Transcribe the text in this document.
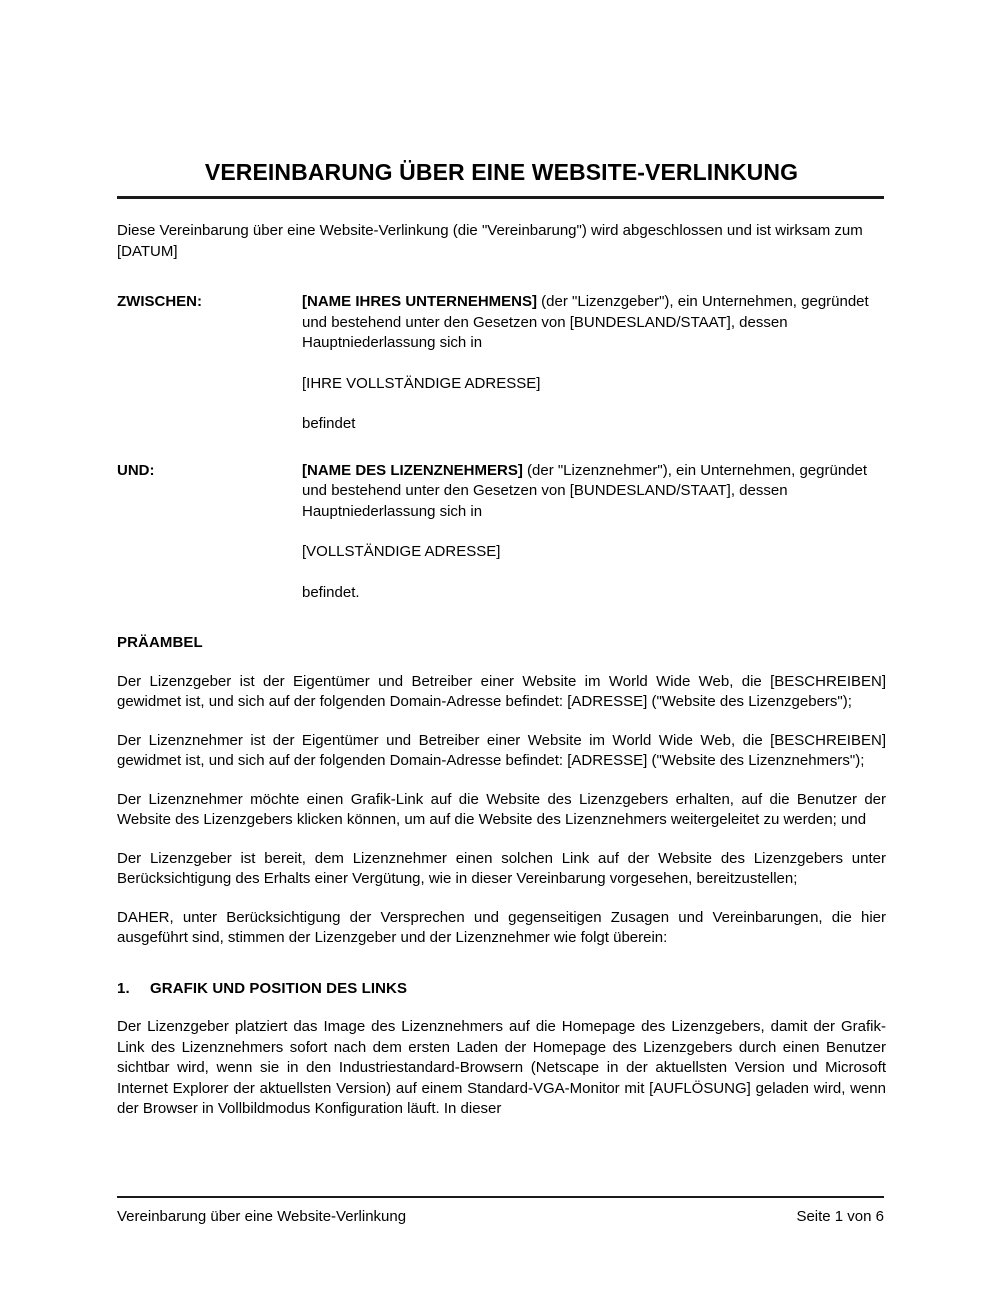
VEREINBARUNG ÜBER EINE WEBSITE-VERLINKUNG

Diese Vereinbarung über eine Website-Verlinkung (die "Vereinbarung") wird abgeschlossen und ist wirksam zum [DATUM]

ZWISCHEN:	[NAME IHRES UNTERNEHMENS] (der "Lizenzgeber"), ein Unternehmen, gegründet und bestehend unter den Gesetzen von [BUNDESLAND/STAAT], dessen Hauptniederlassung sich in

[IHRE VOLLSTÄNDIGE ADRESSE]

befindet

UND:	[NAME DES LIZENZNEHMERS] (der "Lizenznehmer"), ein Unternehmen, gegründet und bestehend unter den Gesetzen von [BUNDESLAND/STAAT], dessen Hauptniederlassung sich in

[VOLLSTÄNDIGE ADRESSE]

befindet.

PRÄAMBEL

Der Lizenzgeber ist der Eigentümer und Betreiber einer Website im World Wide Web, die [BESCHREIBEN] gewidmet ist, und sich auf der folgenden Domain-Adresse befindet: [ADRESSE] ("Website des Lizenzgebers");

Der Lizenznehmer ist der Eigentümer und Betreiber einer Website im World Wide Web, die [BESCHREIBEN] gewidmet ist, und sich auf der folgenden Domain-Adresse befindet: [ADRESSE] ("Website des Lizenznehmers");

Der Lizenznehmer möchte einen Grafik-Link auf die Website des Lizenzgebers erhalten, auf die Benutzer der Website des Lizenzgebers klicken können, um auf die Website des Lizenznehmers weitergeleitet zu werden; und

Der Lizenzgeber ist bereit, dem Lizenznehmer einen solchen Link auf der Website des Lizenzgebers unter Berücksichtigung des Erhalts einer Vergütung, wie in dieser Vereinbarung vorgesehen, bereitzustellen;

DAHER, unter Berücksichtigung der Versprechen und gegenseitigen Zusagen und Vereinbarungen, die hier ausgeführt sind, stimmen der Lizenzgeber und der Lizenznehmer wie folgt überein:

1.	GRAFIK UND POSITION DES LINKS

Der Lizenzgeber platziert das Image des Lizenznehmers auf die Homepage des Lizenzgebers, damit der Grafik-Link des Lizenznehmers sofort nach dem ersten Laden der Homepage des Lizenzgebers durch einen Benutzer sichtbar wird, wenn sie in den Industriestandard-Browsern (Netscape in der aktuellsten Version und Microsoft Internet Explorer der aktuellsten Version) auf einem Standard-VGA-Monitor mit [AUFLÖSUNG] geladen wird, wenn der Browser in Vollbildmodus Konfiguration läuft. In dieser

Vereinbarung über eine Website-Verlinkung	Seite 1 von 6
